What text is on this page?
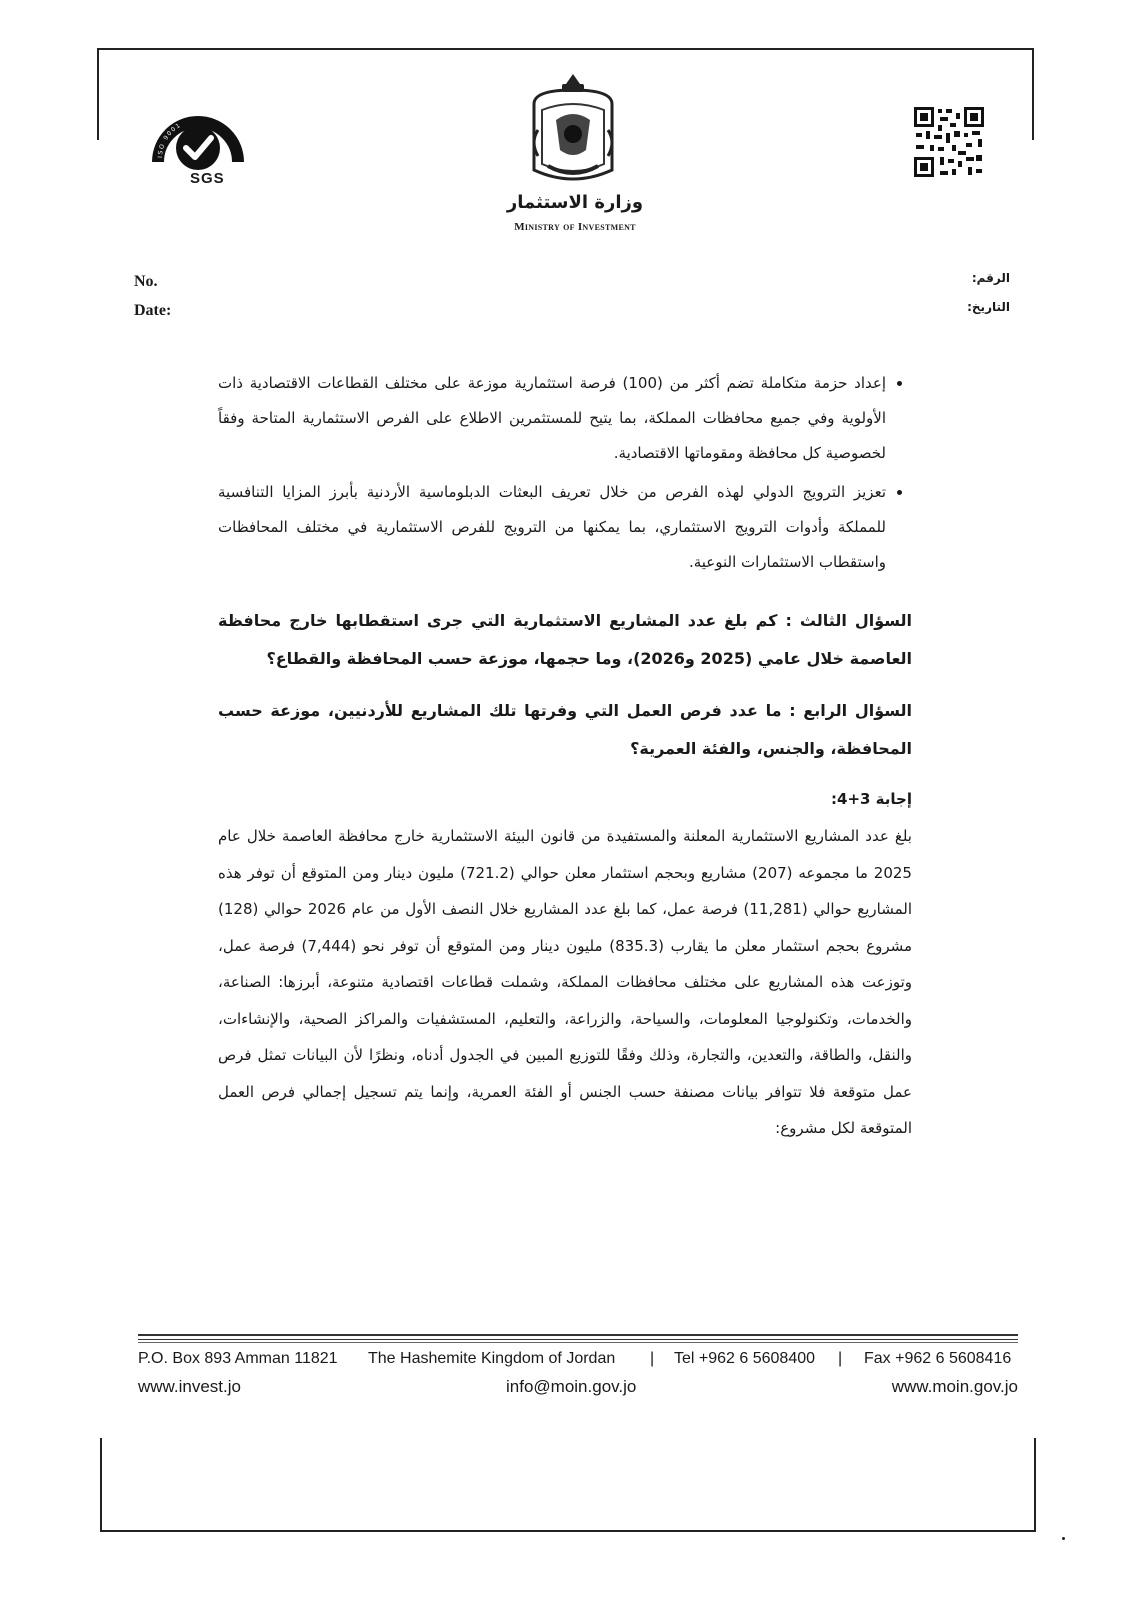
ISO 9001
SGS
وزارة الاستثمار
Ministry of Investment
No.
Date:
الرقم:
التاريخ:
• إعداد حزمة متكاملة تضم أكثر من (100) فرصة استثمارية موزعة على مختلف القطاعات الاقتصادية ذات الأولوية وفي جميع محافظات المملكة، بما يتيح للمستثمرين الاطلاع على الفرص الاستثمارية المتاحة وفقاً لخصوصية كل محافظة ومقوماتها الاقتصادية.
• تعزيز الترويج الدولي لهذه الفرص من خلال تعريف البعثات الدبلوماسية الأردنية بأبرز المزايا التنافسية للمملكة وأدوات الترويج الاستثماري، بما يمكنها من الترويج للفرص الاستثمارية في مختلف المحافظات واستقطاب الاستثمارات النوعية.

السؤال الثالث : كم بلغ عدد المشاريع الاستثمارية التي جرى استقطابها خارج محافظة العاصمة خلال عامي (2025 و2026)، وما حجمها، موزعة حسب المحافظة والقطاع؟

السؤال الرابع : ما عدد فرص العمل التي وفرتها تلك المشاريع للأردنيين، موزعة حسب المحافظة، والجنس، والفئة العمرية؟

إجابة 3+4:

بلغ عدد المشاريع الاستثمارية المعلنة والمستفيدة من قانون البيئة الاستثمارية خارج محافظة العاصمة خلال عام 2025 ما مجموعه (207) مشاريع وبحجم استثمار معلن حوالي (721.2) مليون دينار ومن المتوقع أن توفر هذه المشاريع حوالي (11,281) فرصة عمل، كما بلغ عدد المشاريع خلال النصف الأول من عام 2026 حوالي (128) مشروع بحجم استثمار معلن ما يقارب (835.3) مليون دينار ومن المتوقع أن توفر نحو (7,444) فرصة عمل، وتوزعت هذه المشاريع على مختلف محافظات المملكة، وشملت قطاعات اقتصادية متنوعة، أبرزها: الصناعة، والخدمات، وتكنولوجيا المعلومات، والسياحة، والزراعة، والتعليم، المستشفيات والمراكز الصحية، والإنشاءات، والنقل، والطاقة، والتعدين، والتجارة، وذلك وفقًا للتوزيع المبين في الجدول أدناه، ونظرًا لأن البيانات تمثل فرص عمل متوقعة فلا تتوافر بيانات مصنفة حسب الجنس أو الفئة العمرية، وإنما يتم تسجيل إجمالي فرص العمل المتوقعة لكل مشروع:

P.O. Box 893 Amman 11821 The Hashemite Kingdom of Jordan | Tel +962 6 5608400 | Fax +962 6 5608416
www.invest.jo	info@moin.gov.jo	www.moin.gov.jo
